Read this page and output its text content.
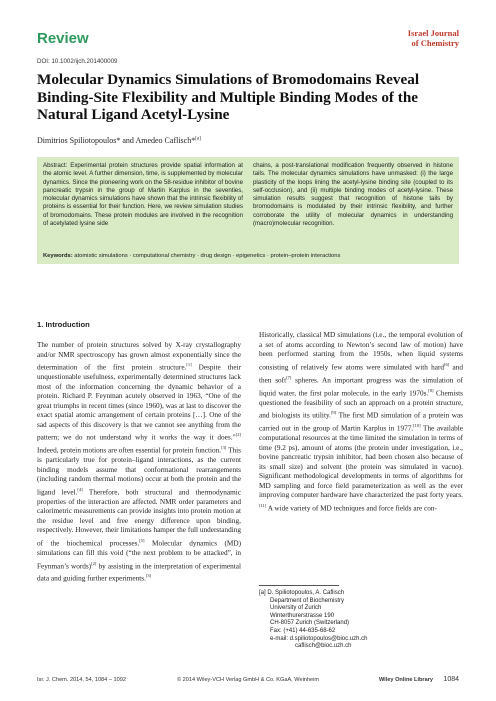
Review	Israel Journal
of Chemistry
DOI: 10.1002/ijch.201400009
Molecular Dynamics Simulations of Bromodomains Reveal Binding-Site Flexibility and Multiple Binding Modes of the Natural Ligand Acetyl-Lysine
Dimitrios Spiliotopoulos* and Amedeo Caflisch*[a]
Abstract: Experimental protein structures provide spatial information at the atomic level. A further dimension, time, is supplemented by molecular dynamics. Since the pioneering work on the 58-residue inhibitor of bovine pancreatic trypsin in the group of Martin Karplus in the seventies, molecular dynamics simulations have shown that the intrinsic flexibility of proteins is essential for their function. Here, we review simulation studies of bromodomains. These protein modules are involved in the recognition of acetylated lysine side
chains, a post-translational modification frequently observed in histone tails. The molecular dynamics simulations have unmasked: (i) the large plasticity of the loops lining the acetyl-lysine binding site (coupled to its self-occlusion), and (ii) multiple binding modes of acetyl-lysine. These simulation results suggest that recognition of histone tails by bromodomains is modulated by their intrinsic flexibility, and further corroborate the utility of molecular dynamics in understanding (macro)molecular recognition.
Keywords: atomistic simulations · computational chemistry · drug design · epigenetics · protein–protein interactions
1. Introduction
The number of protein structures solved by X-ray crystallography and/or NMR spectroscopy has grown almost exponentially since the determination of the first protein structure.[1] Despite their unquestionable usefulness, experimentally determined structures lack most of the information concerning the dynamic behavior of a protein. Richard P. Feynman acutely observed in 1963, “One of the great triumphs in recent times (since 1960), was at last to discover the exact spatial atomic arrangement of certain proteins […]. One of the sad aspects of this discovery is that we cannot see anything from the pattern; we do not understand why it works the way it does.”[2] Indeed, protein motions are often essential for protein function.[3] This is particularly true for protein–ligand interactions, as the current binding models assume that conformational rearrangements (including random thermal motions) occur at both the protein and the ligand level.[4] Therefore, both structural and thermodynamic properties of the interaction are affected. NMR order parameters and calorimetric measurements can provide insights into protein motion at the residue level and free energy difference upon binding, respectively. However, their limitations hamper the full understanding of the biochemical processes.[5] Molecular dynamics (MD) simulations can fill this void (“the next problem to be attacked”, in Feynman’s words)[2] by assisting in the interpretation of experimental data and guiding further experiments.[3]
Historically, classical MD simulations (i.e., the temporal evolution of a set of atoms according to Newton’s second law of motion) have been performed starting from the 1950s, when liquid systems consisting of relatively few atoms were simulated with hard[6] and then soft[7] spheres. An important progress was the simulation of liquid water, the first polar molecule, in the early 1970s.[8] Chemists questioned the feasibility of such an approach on a protein structure, and biologists its utility.[9] The first MD simulation of a protein was carried out in the group of Martin Karplus in 1977.[10] The available computational resources at the time limited the simulation in terms of time (9.2 ps), amount of atoms (the protein under investigation, i.e., bovine pancreatic trypsin inhibitor, had been chosen also because of its small size) and solvent (the protein was simulated in vacuo). Significant methodological developments in terms of algorithms for MD sampling and force field parameterization as well as the ever improving computer hardware have characterized the past forty years.[11] A wide variety of MD techniques and force fields are con-
[a] D. Spiliotopoulos, A. Caflisch
Department of Biochemistry
University of Zurich
Winterthurerstrasse 190
CH-8057 Zurich (Switzerland)
Fax: (+41) 44-635-68-62
e-mail: d.spiliotopoulos@bioc.uzh.ch
caflisch@bioc.uzh.ch
Isr. J. Chem. 2014, 54, 1084 – 1092	© 2014 Wiley-VCH Verlag GmbH & Co. KGaA, Weinheim	Wiley Online Library 1084
